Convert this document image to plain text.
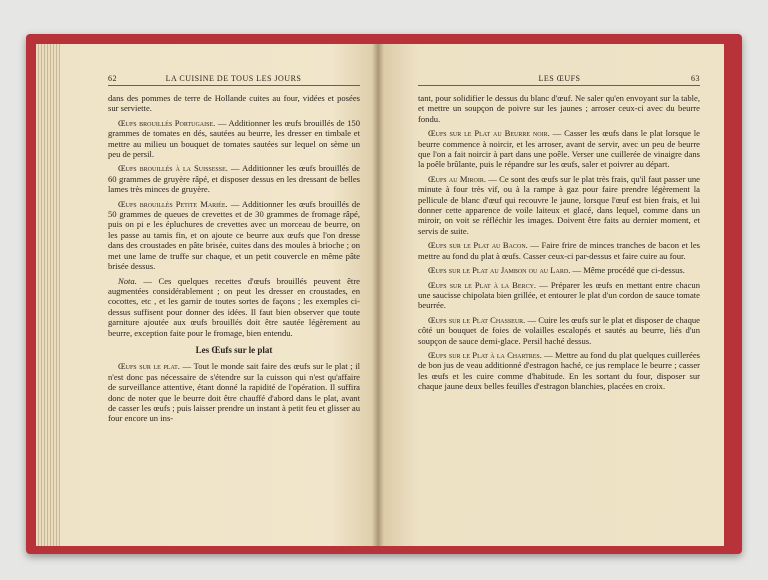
62	LA CUISINE DE TOUS LES JOURS

dans des pommes de terre de Hollande cuites au four, vidées et posées sur serviette.

Œufs brouillés Portugaise. — Additionner les œufs brouillés de 150 grammes de tomates en dés, sautées au beurre, les dresser en timbale et mettre au milieu un bouquet de tomates sautées sur lequel on sème un peu de persil.

Œufs brouillés à la Suissesse. — Additionner les œufs brouillés de 60 grammes de gruyère râpé, et disposer dessus en les dressant de belles lames très minces de gruyère.

Œufs brouillés Petite Mariée. — Additionner les œufs brouillés de 50 grammes de queues de crevettes et de 30 grammes de fromage râpé, puis on pi e les épluchures de crevettes avec un morceau de beurre, on les passe au tamis fin, et on ajoute ce beurre aux œufs que l'on dresse dans des croustades en pâte brisée, cuites dans des moules à brioche ; on met une lame de truffe sur chaque, et un petit couvercle en même pâte brisée dessus.

Nota. — Ces quelques recettes d'œufs brouillés peuvent être augmentées considérablement ; on peut les dresser en croustades, en cocottes, etc , et les garnir de toutes sortes de façons ; les exemples ci-dessus suffisent pour donner des idées. Il faut bien observer que toute garniture ajoutée aux œufs brouillés doit être sautée légèrement au beurre, exception faite pour le fromage, bien entendu.

Les Œufs sur le plat

Œufs sur le plat. — Tout le monde sait faire des œufs sur le plat ; il n'est donc pas nécessaire de s'étendre sur la cuisson qui n'est qu'affaire de surveillance attentive, étant donné la rapidité de l'opération. Il suffira donc de noter que le beurre doit être chauffé d'abord dans le plat, avant de casser les œufs ; puis laisser prendre un instant à petit feu et glisser au four encore un ins-

LES ŒUFS	63

tant, pour solidifier le dessus du blanc d'œuf. Ne saler qu'en envoyant sur la table, et mettre un soupçon de poivre sur les jaunes ; arroser ceux-ci avec du beurre fondu.

Œufs sur le Plat au Beurre noir. — Casser les œufs dans le plat lorsque le beurre commence à noircir, et les arroser, avant de servir, avec un peu de beurre que l'on a fait noircir à part dans une poêle. Verser une cuillerée de vinaigre dans la poêle brûlante, puis le répandre sur les œufs, saler et poivrer au départ.

Œufs au Miroir. — Ce sont des œufs sur le plat très frais, qu'il faut passer une minute à four très vif, ou à la rampe à gaz pour faire prendre légèrement la pellicule de blanc d'œuf qui recouvre le jaune, lorsque l'œuf est bien frais, et lui donner cette apparence de voile laiteux et glacé, dans lequel, comme dans un miroir, on voit se réfléchir les images. Doivent être faits au dernier moment, et servis de suite.

Œufs sur le Plat au Bacon. — Faire frire de minces tranches de bacon et les mettre au fond du plat à œufs. Casser ceux-ci par-dessus et faire cuire au four.

Œufs sur le Plat au Jambon ou au Lard. — Même procédé que ci-dessus.

Œufs sur le Plat à la Bercy. — Préparer les œufs en mettant entre chacun une saucisse chipolata bien grillée, et entourer le plat d'un cordon de sauce tomate beurrée.

Œufs sur le Plat Chasseur. — Cuire les œufs sur le plat et disposer de chaque côté un bouquet de foies de volailles escalopés et sautés au beurre, liés d'un soupçon de sauce demi-glace. Persil haché dessus.

Œufs sur le Plat à la Chartres. — Mettre au fond du plat quelques cuillerées de bon jus de veau additionné d'estragon haché, ce jus remplace le beurre ; casser les œufs et les cuire comme d'habitude. En les sortant du four, disposer sur chaque jaune deux belles feuilles d'estragon blanchies, placées en croix.
